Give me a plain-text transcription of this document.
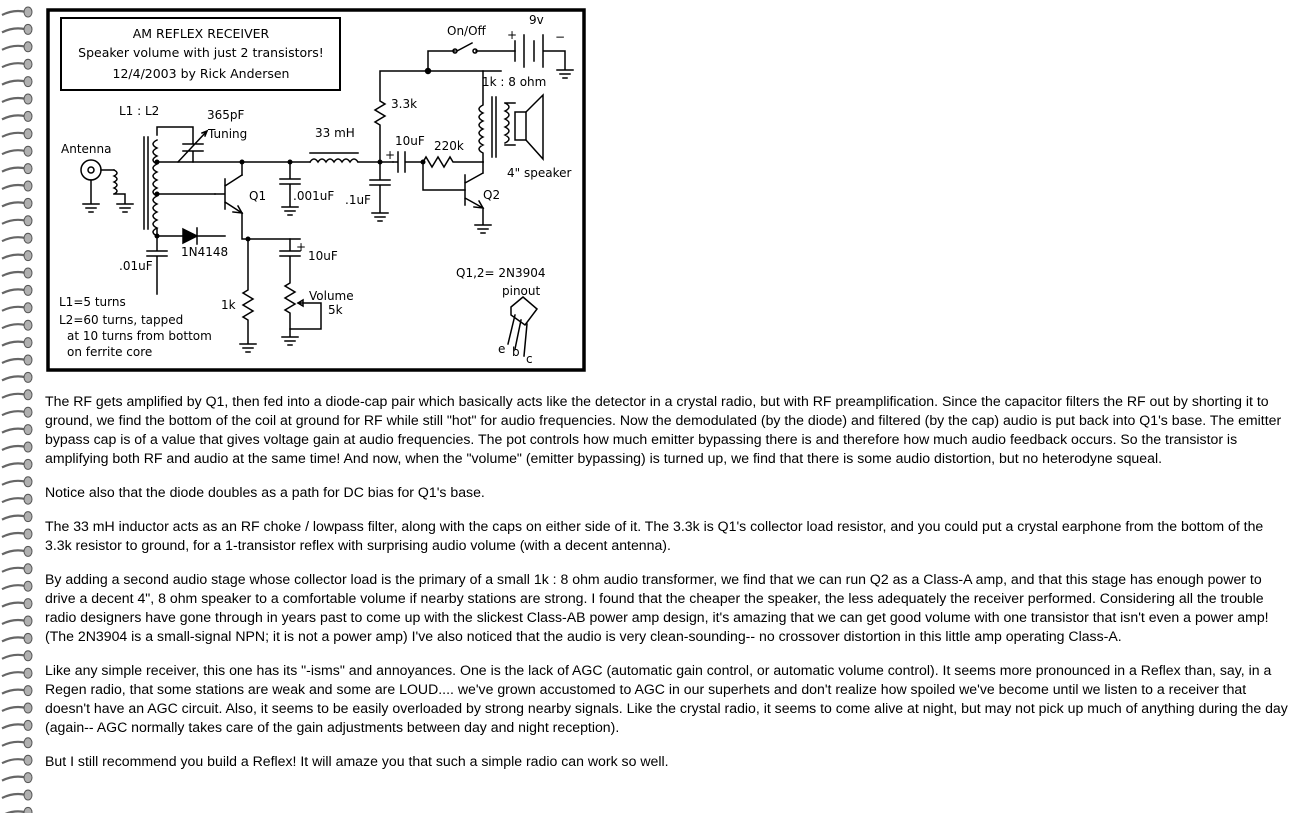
AM REFLEX RECEIVER
Speaker volume with just 2 transistors!
12/4/2003 by Rick Andersen
L1 : L2	365pF
Tuning
Antenna
33 mH
3.3k
10uF
+
220k
On/Off
9v
+	−
1k : 8 ohm
4" speaker
Q1	Q2
.001uF .1uF
.01uF
1N4148	10uF
+
1k
Volume
5k
Q1,2= 2N3904
pinout
e b c
L1=5 turns
L2=60 turns, tapped
at 10 turns from bottom
on ferrite core

The RF gets amplified by Q1, then fed into a diode-cap pair which basically acts like the detector in a crystal radio, but with RF preamplification. Since the capacitor filters the RF out by shorting it to ground, we find the bottom of the coil at ground for RF while still "hot" for audio frequencies. Now the demodulated (by the diode) and filtered (by the cap) audio is put back into Q1's base. The emitter bypass cap is of a value that gives voltage gain at audio frequencies. The pot controls how much emitter bypassing there is and therefore how much audio feedback occurs. So the transistor is amplifying both RF and audio at the same time! And now, when the "volume" (emitter bypassing) is turned up, we find that there is some audio distortion, but no heterodyne squeal.

Notice also that the diode doubles as a path for DC bias for Q1's base.

The 33 mH inductor acts as an RF choke / lowpass filter, along with the caps on either side of it. The 3.3k is Q1's collector load resistor, and you could put a crystal earphone from the bottom of the 3.3k resistor to ground, for a 1-transistor reflex with surprising audio volume (with a decent antenna).

By adding a second audio stage whose collector load is the primary of a small 1k : 8 ohm audio transformer, we find that we can run Q2 as a Class-A amp, and that this stage has enough power to drive a decent 4", 8 ohm speaker to a comfortable volume if nearby stations are strong. I found that the cheaper the speaker, the less adequately the receiver performed. Considering all the trouble radio designers have gone through in years past to come up with the slickest Class-AB power amp design, it's amazing that we can get good volume with one transistor that isn't even a power amp! (The 2N3904 is a small-signal NPN; it is not a power amp) I've also noticed that the audio is very clean-sounding-- no crossover distortion in this little amp operating Class-A.

Like any simple receiver, this one has its "-isms" and annoyances. One is the lack of AGC (automatic gain control, or automatic volume control). It seems more pronounced in a Reflex than, say, in a Regen radio, that some stations are weak and some are LOUD.... we've grown accustomed to AGC in our superhets and don't realize how spoiled we've become until we listen to a receiver that doesn't have an AGC circuit. Also, it seems to be easily overloaded by strong nearby signals. Like the crystal radio, it seems to come alive at night, but may not pick up much of anything during the day (again-- AGC normally takes care of the gain adjustments between day and night reception).

But I still recommend you build a Reflex! It will amaze you that such a simple radio can work so well.
